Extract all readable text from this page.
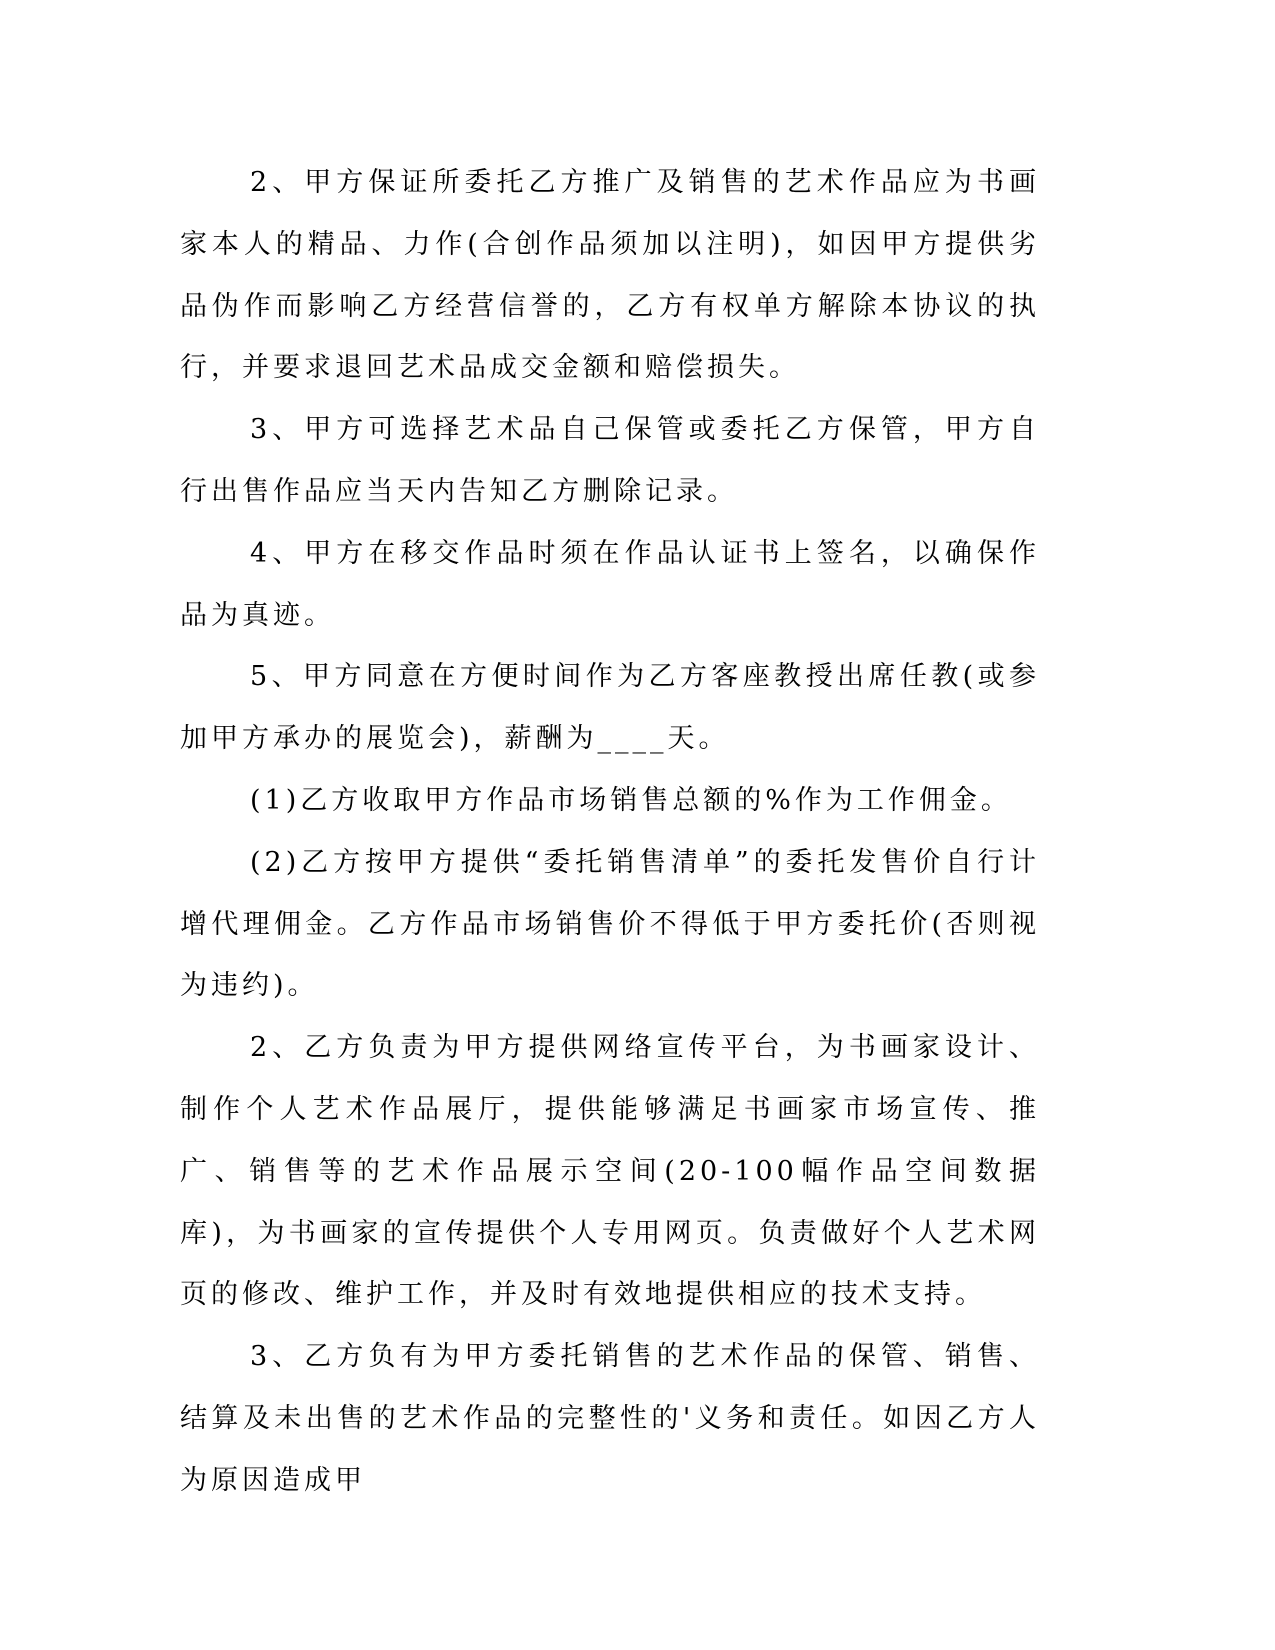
2、甲方保证所委托乙方推广及销售的艺术作品应为书画家本人的精品、力作(合创作品须加以注明)，如因甲方提供劣品伪作而影响乙方经营信誉的，乙方有权单方解除本协议的执行，并要求退回艺术品成交金额和赔偿损失。

3、甲方可选择艺术品自己保管或委托乙方保管，甲方自行出售作品应当天内告知乙方删除记录。

4、甲方在移交作品时须在作品认证书上签名，以确保作品为真迹。

5、甲方同意在方便时间作为乙方客座教授出席任教(或参加甲方承办的展览会)，薪酬为____天。

(1)乙方收取甲方作品市场销售总额的%作为工作佣金。

(2)乙方按甲方提供“委托销售清单”的委托发售价自行计增代理佣金。乙方作品市场销售价不得低于甲方委托价(否则视为违约)。

2、乙方负责为甲方提供网络宣传平台，为书画家设计、制作个人艺术作品展厅，提供能够满足书画家市场宣传、推广、销售等的艺术作品展示空间(20-100幅作品空间数据库)，为书画家的宣传提供个人专用网页。负责做好个人艺术网页的修改、维护工作，并及时有效地提供相应的技术支持。

3、乙方负有为甲方委托销售的艺术作品的保管、销售、结算及未出售的艺术作品的完整性的'义务和责任。如因乙方人为原因造成甲
